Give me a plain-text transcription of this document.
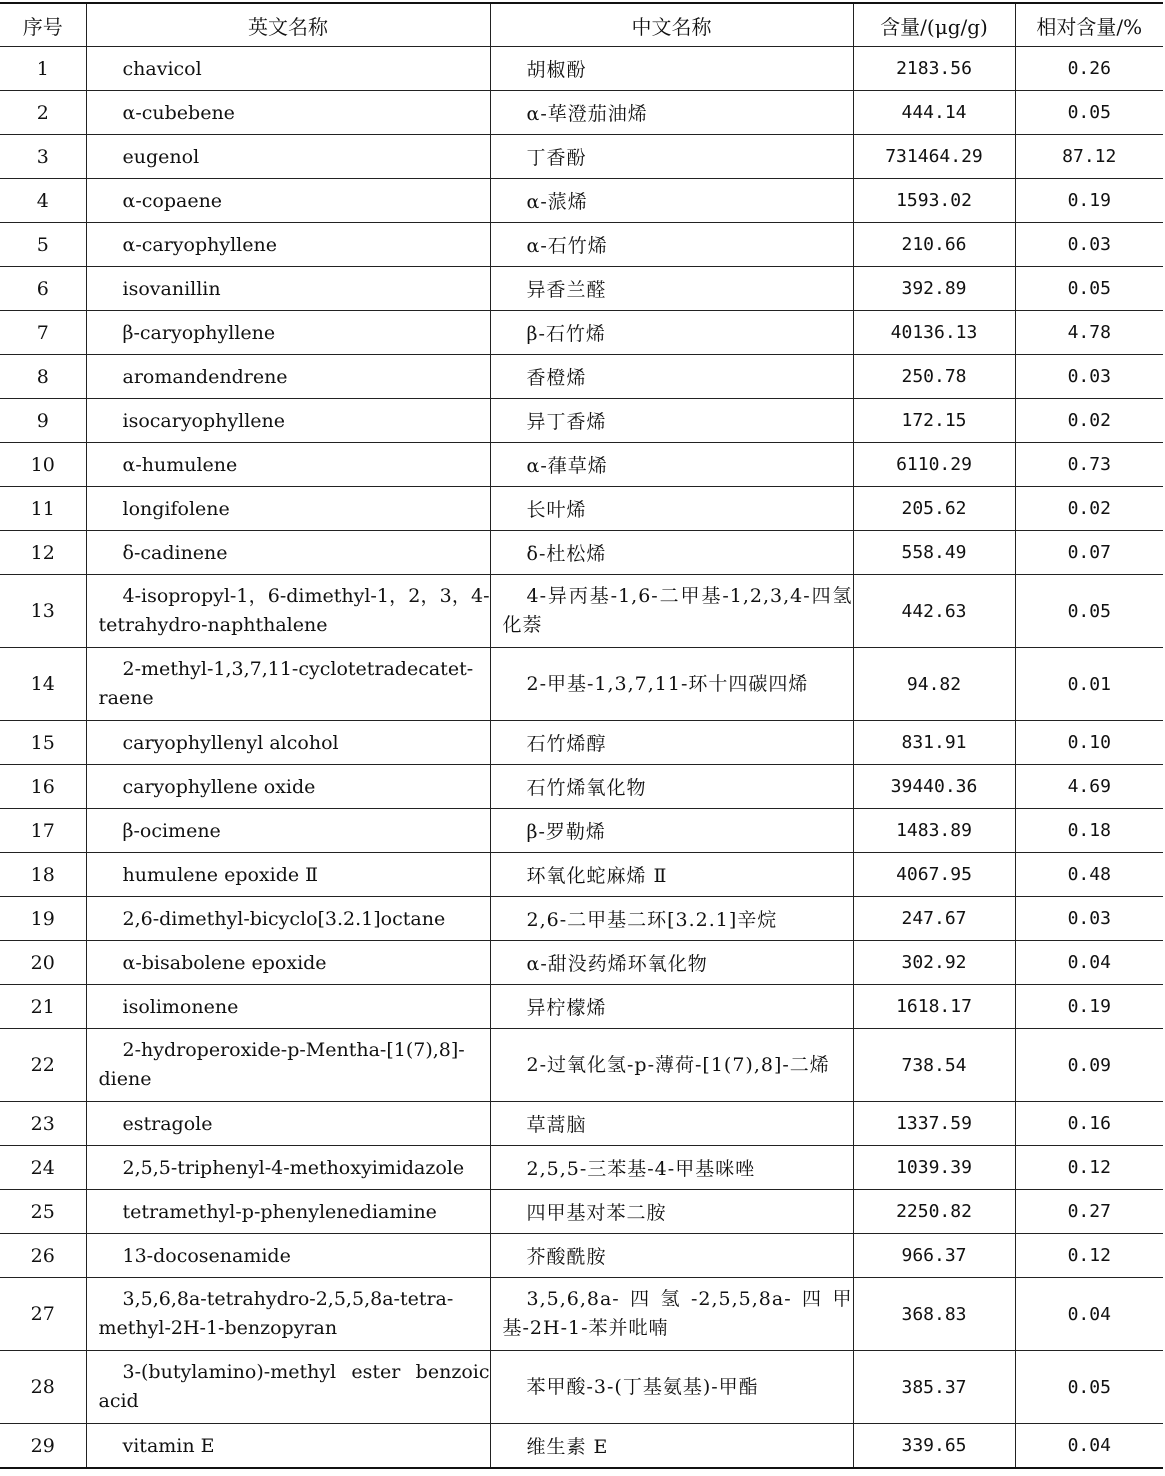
序号	英文名称	中文名称	含量/(μg/g)	相对含量/%
1	chavicol	胡椒酚	2183.56	0.26
2	α-cubebene	α-荜澄茄油烯	444.14	0.05
3	eugenol	丁香酚	731464.29	87.12
4	α-copaene	α-蒎烯	1593.02	0.19
5	α-caryophyllene	α-石竹烯	210.66	0.03
6	isovanillin	异香兰醛	392.89	0.05
7	β-caryophyllene	β-石竹烯	40136.13	4.78
8	aromandendrene	香橙烯	250.78	0.03
9	isocaryophyllene	异丁香烯	172.15	0.02
10	α-humulene	α-葎草烯	6110.29	0.73
11	longifolene	长叶烯	205.62	0.02
12	δ-cadinene	δ-杜松烯	558.49	0.07
13	4-isopropyl-1，6-dimethyl-1，2，3，4-tetrahydro-naphthalene	4-异丙基-1,6-二甲基-1,2,3,4-四氢化萘	442.63	0.05
14	2-methyl-1,3,7,11-cyclotetradecatet-raene	2-甲基-1,3,7,11-环十四碳四烯	94.82	0.01
15	caryophyllenyl alcohol	石竹烯醇	831.91	0.10
16	caryophyllene oxide	石竹烯氧化物	39440.36	4.69
17	β-ocimene	β-罗勒烯	1483.89	0.18
18	humulene epoxide Ⅱ	环氧化蛇麻烯 Ⅱ	4067.95	0.48
19	2,6-dimethyl-bicyclo[3.2.1]octane	2,6-二甲基二环[3.2.1]辛烷	247.67	0.03
20	α-bisabolene epoxide	α-甜没药烯环氧化物	302.92	0.04
21	isolimonene	异柠檬烯	1618.17	0.19
22	2-hydroperoxide-p-Mentha-[1(7),8]-diene	2-过氧化氢-p-薄荷-[1(7),8]-二烯	738.54	0.09
23	estragole	草蒿脑	1337.59	0.16
24	2,5,5-triphenyl-4-methoxyimidazole	2,5,5-三苯基-4-甲基咪唑	1039.39	0.12
25	tetramethyl-p-phenylenediamine	四甲基对苯二胺	2250.82	0.27
26	13-docosenamide	芥酸酰胺	966.37	0.12
27	3,5,6,8a-tetrahydro-2,5,5,8a-tetra-methyl-2H-1-benzopyran	3,5,6,8a-四氢-2,5,5,8a-四甲基-2H-1-苯并吡喃	368.83	0.04
28	3-(butylamino)-methyl ester benzoic acid	苯甲酸-3-(丁基氨基)-甲酯	385.37	0.05
29	vitamin E	维生素 E	339.65	0.04
